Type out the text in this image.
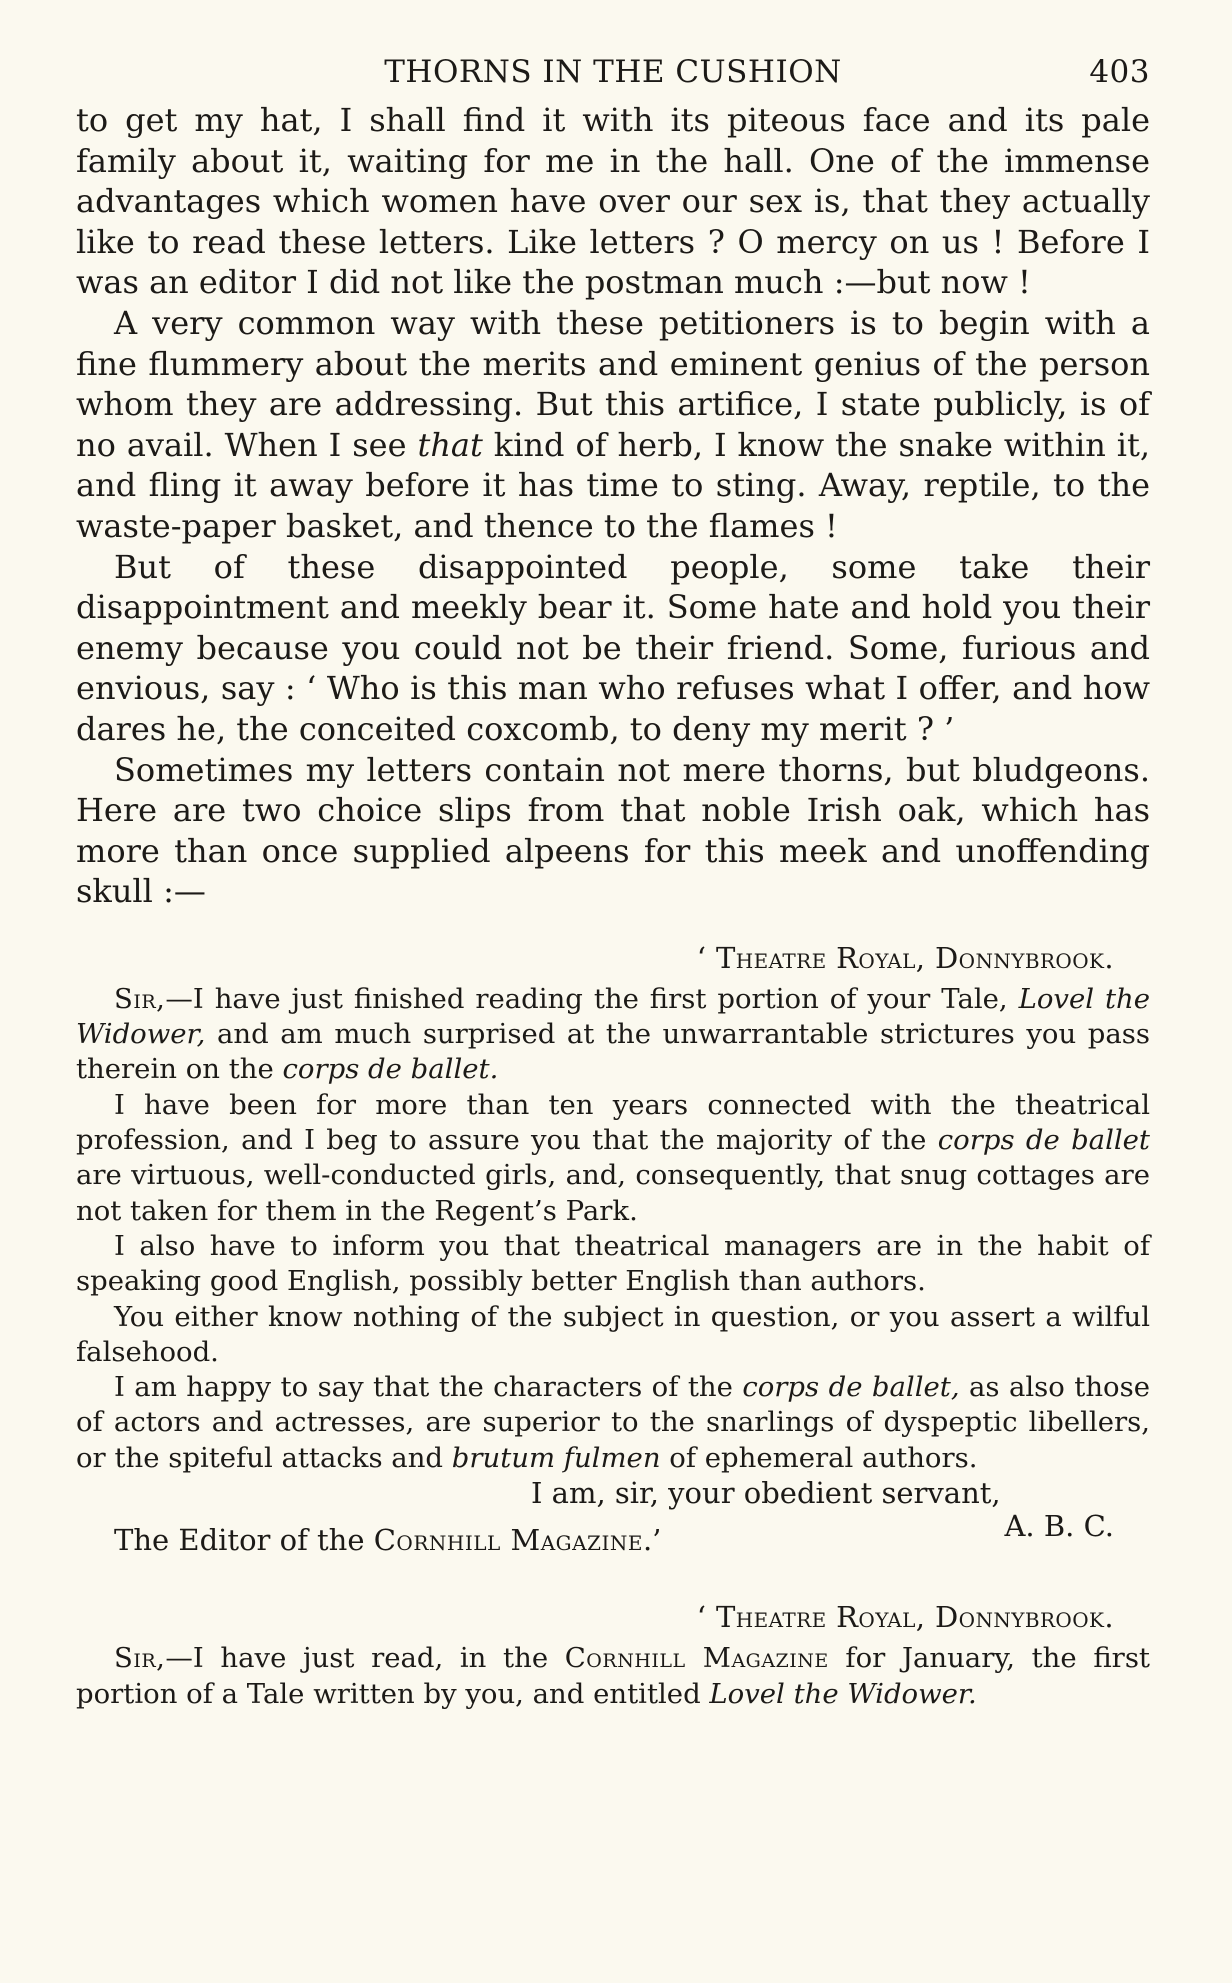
THORNS IN THE CUSHION	403

to get my hat, I shall find it with its piteous face and its pale family about it, waiting for me in the hall. One of the immense advantages which women have over our sex is, that they actually like to read these letters. Like letters ? O mercy on us ! Before I was an editor I did not like the postman much :—but now !

A very common way with these petitioners is to begin with a fine flummery about the merits and eminent genius of the person whom they are addressing. But this artifice, I state publicly, is of no avail. When I see that kind of herb, I know the snake within it, and fling it away before it has time to sting. Away, reptile, to the waste-paper basket, and thence to the flames !

But of these disappointed people, some take their disappointment and meekly bear it. Some hate and hold you their enemy because you could not be their friend. Some, furious and envious, say : ‘ Who is this man who refuses what I offer, and how dares he, the conceited coxcomb, to deny my merit ? ’

Sometimes my letters contain not mere thorns, but bludgeons. Here are two choice slips from that noble Irish oak, which has more than once supplied alpeens for this meek and unoffending skull :—

‘ Theatre Royal, Donnybrook.

Sir,—I have just finished reading the first portion of your Tale, Lovel the Widower, and am much surprised at the unwarrantable strictures you pass therein on the corps de ballet.

I have been for more than ten years connected with the theatrical profession, and I beg to assure you that the majority of the corps de ballet are virtuous, well-conducted girls, and, consequently, that snug cottages are not taken for them in the Regent’s Park.

I also have to inform you that theatrical managers are in the habit of speaking good English, possibly better English than authors.

You either know nothing of the subject in question, or you assert a wilful falsehood.

I am happy to say that the characters of the corps de ballet, as also those of actors and actresses, are superior to the snarlings of dyspeptic libellers, or the spiteful attacks and brutum fulmen of ephemeral authors.

I am, sir, your obedient servant,

A. B. C.
The Editor of the Cornhill Magazine.’
‘ Theatre Royal, Donnybrook.

Sir,—I have just read, in the Cornhill Magazine for January, the first portion of a Tale written by you, and entitled Lovel the Widower.
